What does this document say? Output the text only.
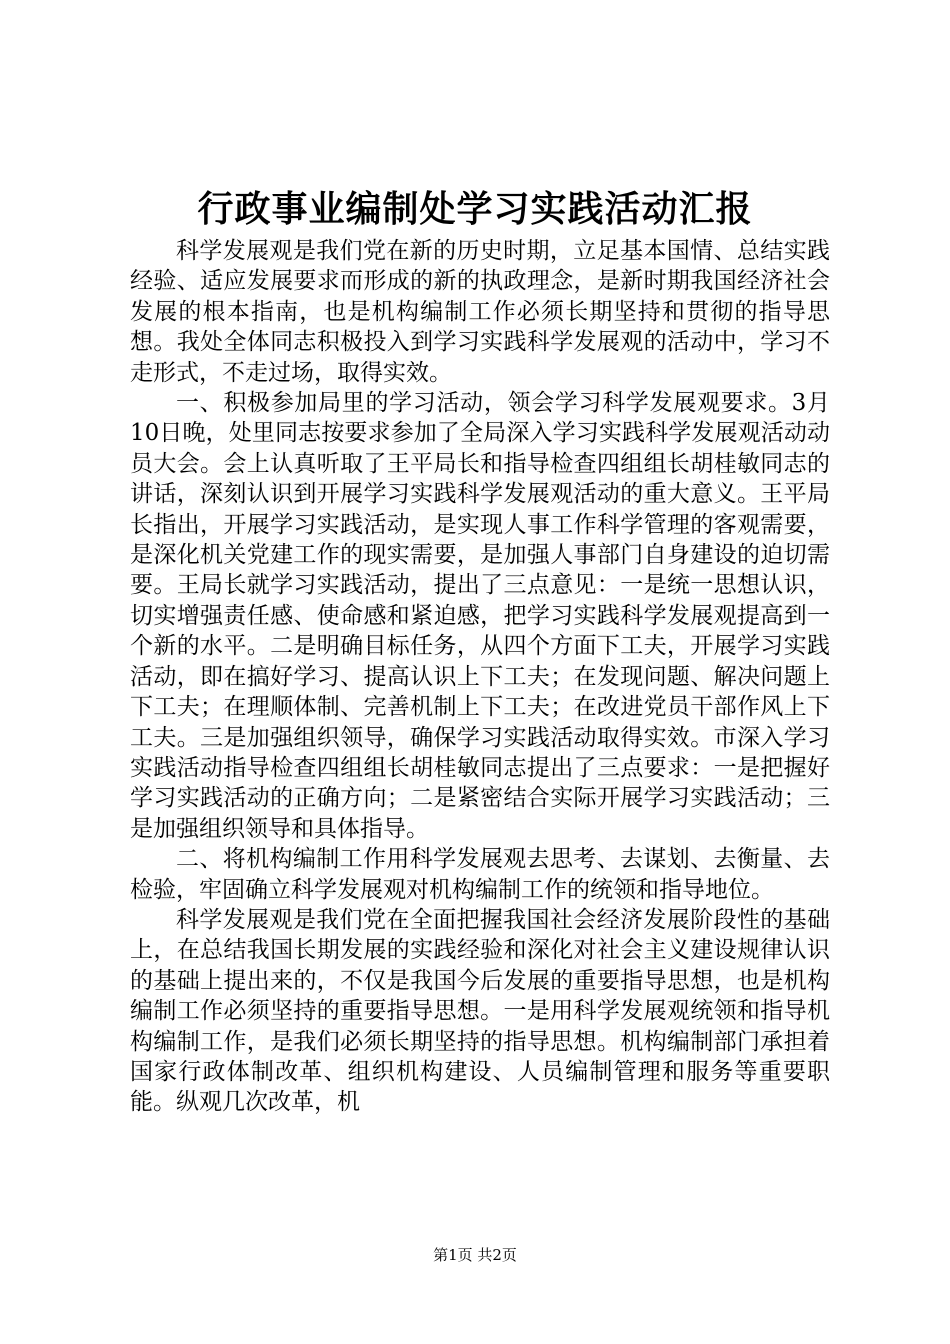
行政事业编制处学习实践活动汇报

科学发展观是我们党在新的历史时期，立足基本国情、总结实践经验、适应发展要求而形成的新的执政理念，是新时期我国经济社会发展的根本指南，也是机构编制工作必须长期坚持和贯彻的指导思想。我处全体同志积极投入到学习实践科学发展观的活动中，学习不走形式，不走过场，取得实效。

一、积极参加局里的学习活动，领会学习科学发展观要求。3月10日晚，处里同志按要求参加了全局深入学习实践科学发展观活动动员大会。会上认真听取了王平局长和指导检查四组组长胡桂敏同志的讲话，深刻认识到开展学习实践科学发展观活动的重大意义。王平局长指出，开展学习实践活动，是实现人事工作科学管理的客观需要，是深化机关党建工作的现实需要，是加强人事部门自身建设的迫切需要。王局长就学习实践活动，提出了三点意见：一是统一思想认识，切实增强责任感、使命感和紧迫感，把学习实践科学发展观提高到一个新的水平。二是明确目标任务，从四个方面下工夫，开展学习实践活动，即在搞好学习、提高认识上下工夫；在发现问题、解决问题上下工夫；在理顺体制、完善机制上下工夫；在改进党员干部作风上下工夫。三是加强组织领导，确保学习实践活动取得实效。市深入学习实践活动指导检查四组组长胡桂敏同志提出了三点要求：一是把握好学习实践活动的正确方向；二是紧密结合实际开展学习实践活动；三是加强组织领导和具体指导。

二、将机构编制工作用科学发展观去思考、去谋划、去衡量、去检验，牢固确立科学发展观对机构编制工作的统领和指导地位。

科学发展观是我们党在全面把握我国社会经济发展阶段性的基础上，在总结我国长期发展的实践经验和深化对社会主义建设规律认识的基础上提出来的，不仅是我国今后发展的重要指导思想，也是机构编制工作必须坚持的重要指导思想。一是用科学发展观统领和指导机构编制工作，是我们必须长期坚持的指导思想。机构编制部门承担着国家行政体制改革、组织机构建设、人员编制管理和服务等重要职能。纵观几次改革，机

第1页 共2页
